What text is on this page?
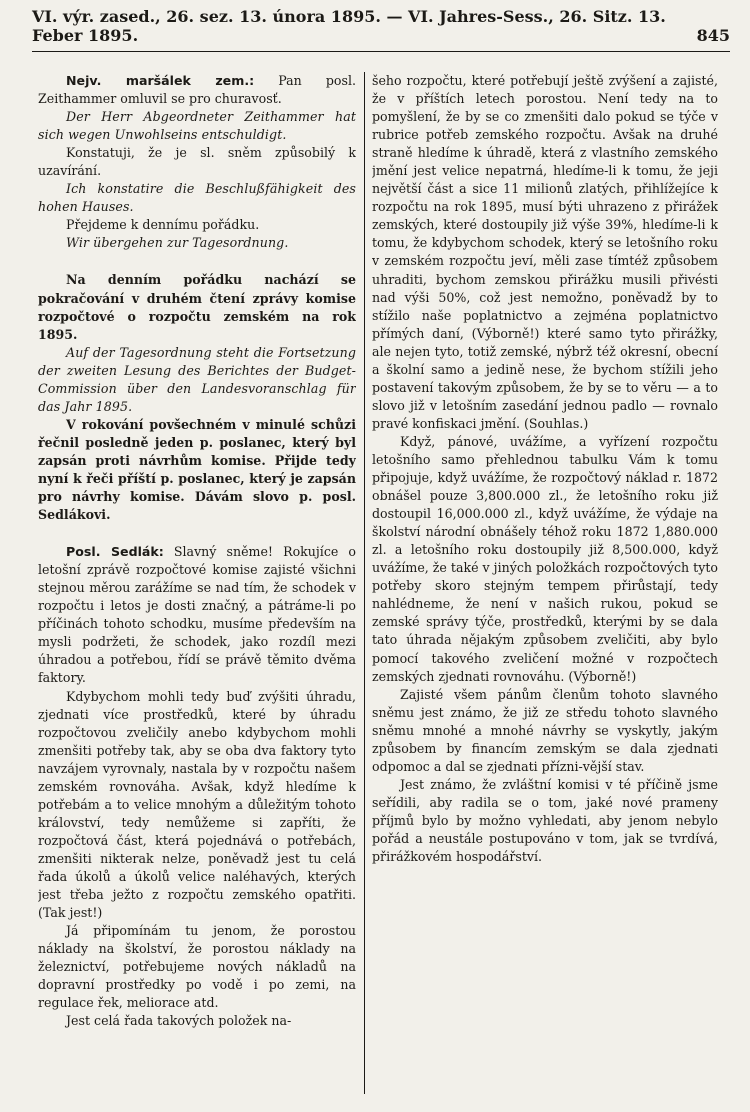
VI. výr. zased., 26. sez. 13. února 1895. — VI. Jahres-Sess., 26. Sitz. 13. Feber 1895.	845

Nejv. maršálek zem.: Pan posl. Zeithammer omluvil se pro churavosť.

Der Herr Abgeordneter Zeithammer hat sich wegen Unwohlseins entschuldigt.

Konstatuji, že je sl. sněm způsobilý k uzavírání.

Ich konstatire die Beschlußfähigkeit des hohen Hauses.

Přejdeme k dennímu pořádku.

Wir übergehen zur Tagesordnung.

Na denním pořádku nachází se pokračování v druhém čtení zprávy komise rozpočtové o rozpočtu zemském na rok 1895.

Auf der Tagesordnung steht die Fortsetzung der zweiten Lesung des Berichtes der Budget-Commission über den Landesvoranschlag für das Jahr 1895.

V rokování povšechném v minulé schůzi řečnil posledně jeden p. poslanec, který byl zapsán proti návrhům komise. Přijde tedy nyní k řeči příští p. poslanec, který je zapsán pro návrhy komise. Dávám slovo p. posl. Sedlákovi.

Posl. Sedlák: Slavný sněme! Rokujíce o letošní zprávě rozpočtové komise zajisté všichni stejnou měrou zarážíme se nad tím, že schodek v rozpočtu i letos je dosti značný, a pátráme-li po příčinách tohoto schodku, musíme především na mysli podržeti, že schodek, jako rozdíl mezi úhradou a potřebou, řídí se právě těmito dvěma faktory.

Kdybychom mohli tedy buď zvýšiti úhradu, zjednati více prostředků, které by úhradu rozpočtovou zveličily anebo kdybychom mohli zmenšiti potřeby tak, aby se oba dva faktory tyto navzájem vyrovnaly, nastala by v rozpočtu našem zemském rovnováha. Avšak, když hledíme k potřebám a to velice mnohým a důležitým tohoto království, tedy nemůžeme si zapříti, že rozpočtová část, která pojednává o potřebách, zmenšiti nikterak nelze, poněvadž jest tu celá řada úkolů a úkolů velice naléhavých, kterých jest třeba ježto z rozpočtu zemského opatřiti. (Tak jest!)

Já připomínám tu jenom, že porostou náklady na školství, že porostou náklady na železnictví, potřebujeme nových nákladů na dopravní prostředky po vodě i po zemi, na regulace řek, meliorace atd.

Jest celá řada takových položek na-

šeho rozpočtu, které potřebují ještě zvýšení a zajisté, že v příštích letech porostou. Není tedy na to pomyšlení, že by se co zmenšiti dalo pokud se týče v rubrice potřeb zemského rozpočtu. Avšak na druhé straně hledíme k úhradě, která z vlastního zemského jmění jest velice nepatrná, hledíme-li k tomu, že jeji největší část a sice 11 milionů zlatých, přihlížejíce k rozpočtu na rok 1895, musí býti uhrazeno z přirážek zemských, které dostoupily již výše 39%, hledíme-li k tomu, že kdybychom schodek, který se letošního roku v zemském rozpočtu jeví, měli zase tímtéž způsobem uhraditi, bychom zemskou přirážku musili přivésti nad výši 50%, což jest nemožno, poněvadž by to stížilo naše poplatnictvo a zejména poplatnictvo přímých daní, (Výborně!) které samo tyto přirážky, ale nejen tyto, totiž zemské, nýbrž též okresní, obecní a školní samo a jedině nese, že bychom stížili jeho postavení takovým způsobem, že by se to věru — a to slovo již v letošním zasedání jednou padlo — rovnalo pravé konfiskaci jmění. (Souhlas.)

Když, pánové, uvážíme, a vyřízení rozpočtu letošního samo přehlednou tabulku Vám k tomu připojuje, když uvážíme, že rozpočtový náklad r. 1872 obnášel pouze 3,800.000 zl., že letošního roku již dostoupil 16,000.000 zl., když uvážíme, že výdaje na školství národní obnášely téhož roku 1872 1,880.000 zl. a letošního roku dostoupily již 8,500.000, když uvážíme, že také v jiných položkách rozpočtových tyto potřeby skoro stejným tempem přirůstají, tedy nahlédneme, že není v našich rukou, pokud se zemské správy týče, prostředků, kterými by se dala tato úhrada nějakým způsobem zveličiti, aby bylo pomocí takového zveličení možné v rozpočtech zemských zjednati rovnováhu. (Výborně!)

Zajisté všem pánům členům tohoto slavného sněmu jest známo, že již ze středu tohoto slavného sněmu mnohé a mnohé návrhy se vyskytly, jakým způsobem by financím zemským se dala zjednati odpomoc a dal se zjednati přízni-vější stav.

Jest známo, že zvláštní komisi v té příčině jsme seřídili, aby radila se o tom, jaké nové prameny příjmů bylo by možno vyhledati, aby jenom nebylo pořád a neustále postupováno v tom, jak se tvrdívá, přirážkovém hospodářství.
